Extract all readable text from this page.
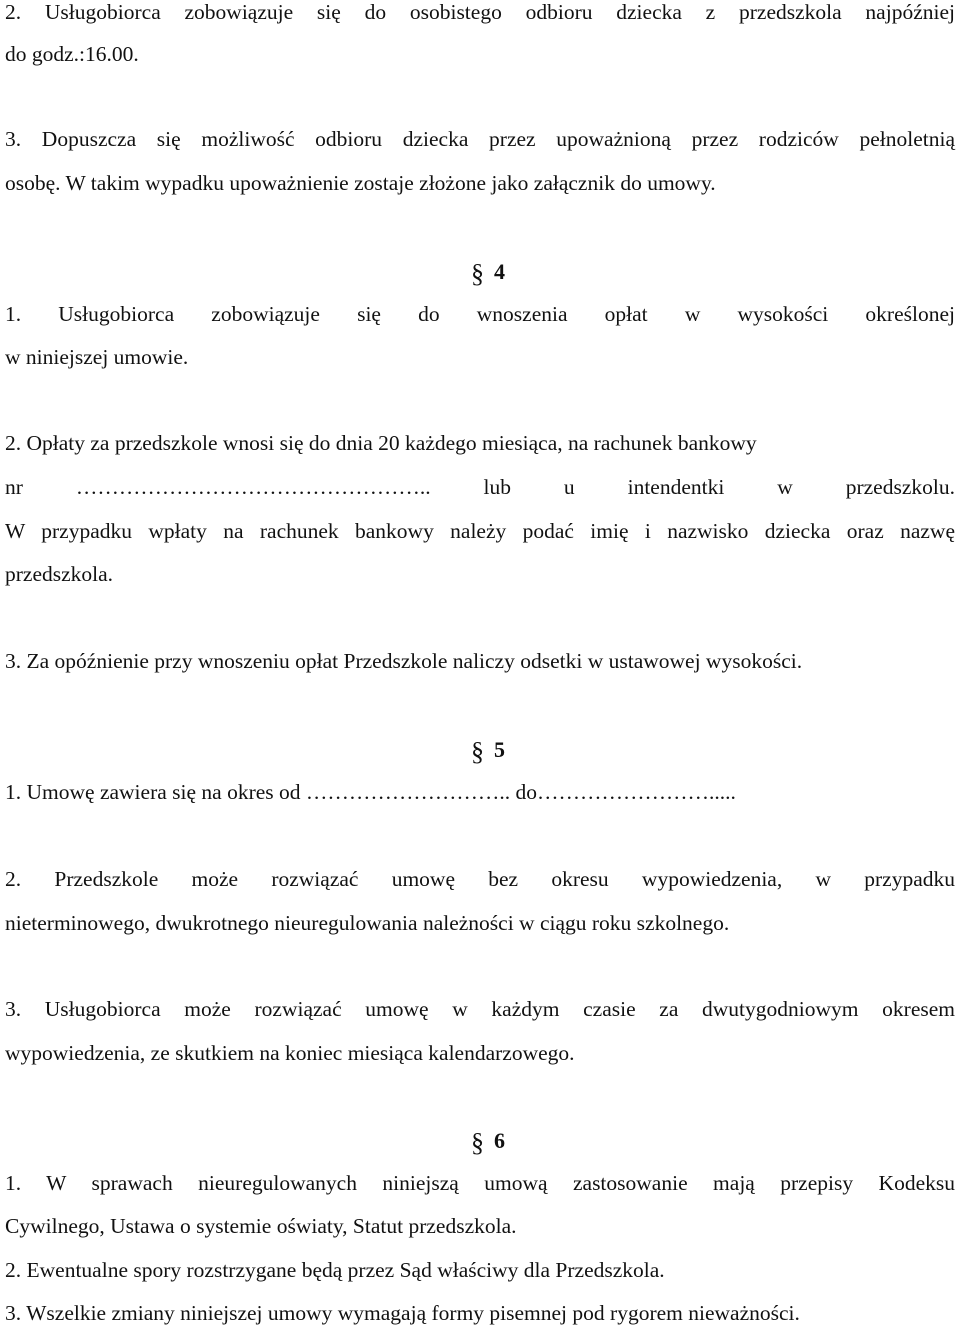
2. Usługobiorca zobowiązuje się do osobistego odbioru dziecka z przedszkola najpóźniej
do godz.:16.00.
3. Dopuszcza się możliwość odbioru dziecka przez upoważnioną przez rodziców pełnoletnią
osobę. W takim wypadku upoważnienie zostaje złożone jako załącznik do umowy.
§ 4
1. Usługobiorca zobowiązuje się do wnoszenia opłat w wysokości określonej
w niniejszej umowie.
2. Opłaty za przedszkole wnosi się do dnia 20 każdego miesiąca, na rachunek bankowy
nr ………………………………………….. lub u intendentki w przedszkolu.
W przypadku wpłaty na rachunek bankowy należy podać imię i nazwisko dziecka oraz nazwę
przedszkola.
3. Za opóźnienie przy wnoszeniu opłat Przedszkole naliczy odsetki w ustawowej wysokości.
§ 5
1. Umowę zawiera się na okres od ……………………….. do…………………….....
2. Przedszkole może rozwiązać umowę bez okresu wypowiedzenia, w przypadku
nieterminowego, dwukrotnego nieuregulowania należności w ciągu roku szkolnego.
3. Usługobiorca może rozwiązać umowę w każdym czasie za dwutygodniowym okresem
wypowiedzenia, ze skutkiem na koniec miesiąca kalendarzowego.
§ 6
1. W sprawach nieuregulowanych niniejszą umową zastosowanie mają przepisy Kodeksu
Cywilnego, Ustawa o systemie oświaty, Statut przedszkola.
2. Ewentualne spory rozstrzygane będą przez Sąd właściwy dla Przedszkola.
3. Wszelkie zmiany niniejszej umowy wymagają formy pisemnej pod rygorem nieważności.
